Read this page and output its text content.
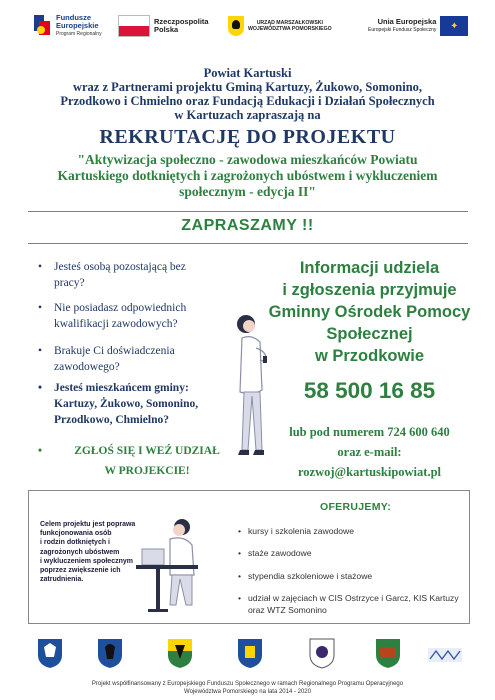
Fundusze
Europejskie
Program Regionalny
Rzeczpospolita
Polska
URZĄD MARSZAŁKOWSKI
WOJEWÓDZTWA POMORSKIEGO
Unia Europejska
Europejski Fundusz Społeczny	✦
Powiat Kartuski
wraz z Partnerami projektu Gminą Kartuzy, Żukowo, Somonino,
Przodkowo i Chmielno oraz Fundacją Edukacji i Działań Społecznych
w Kartuzach zapraszają na
REKRUTACJĘ DO PROJEKTU
"Aktywizacja społeczno - zawodowa mieszkańców Powiatu
Kartuskiego dotkniętych i zagrożonych ubóstwem i wykluczeniem
społecznym - edycja II"
ZAPRASZAMY !!
• Jesteś osobą pozostającą bez
pracy?
• Nie posiadasz odpowiednich
kwalifikacji zawodowych?
• Brakuje Ci doświadczenia
zawodowego?
• Jesteś mieszkańcem gminy:
Kartuzy, Żukowo, Somonino,
Przodkowo, Chmielno?
•	ZGŁOŚ SIĘ I WEŹ UDZIAŁ
W PROJEKCIE!
Informacji udziela
i zgłoszenia przyjmuje
Gminny Ośrodek Pomocy
Społecznej
w Przodkowie
58 500 16 85
lub pod numerem 724 600 640
oraz e-mail:
rozwoj@kartuskipowiat.pl
Celem projektu jest poprawa
funkcjonowania osób
i rodzin dotkniętych i
zagrożonych ubóstwem
i wykluczeniem społecznym
poprzez zwiększenie ich
zatrudnienia.
OFERUJEMY:
• kursy i szkolenia zawodowe
• staże zawodowe
• stypendia szkoleniowe i stażowe
• udział w zajęciach w CIS Ostrzyce i Garcz, KIS Kartuzy
oraz WTZ Somonino
Projekt współfinansowany z Europejskiego Funduszu Społecznego w ramach Regionalnego Programu Operacyjnego
Województwa Pomorskiego na lata 2014 - 2020
